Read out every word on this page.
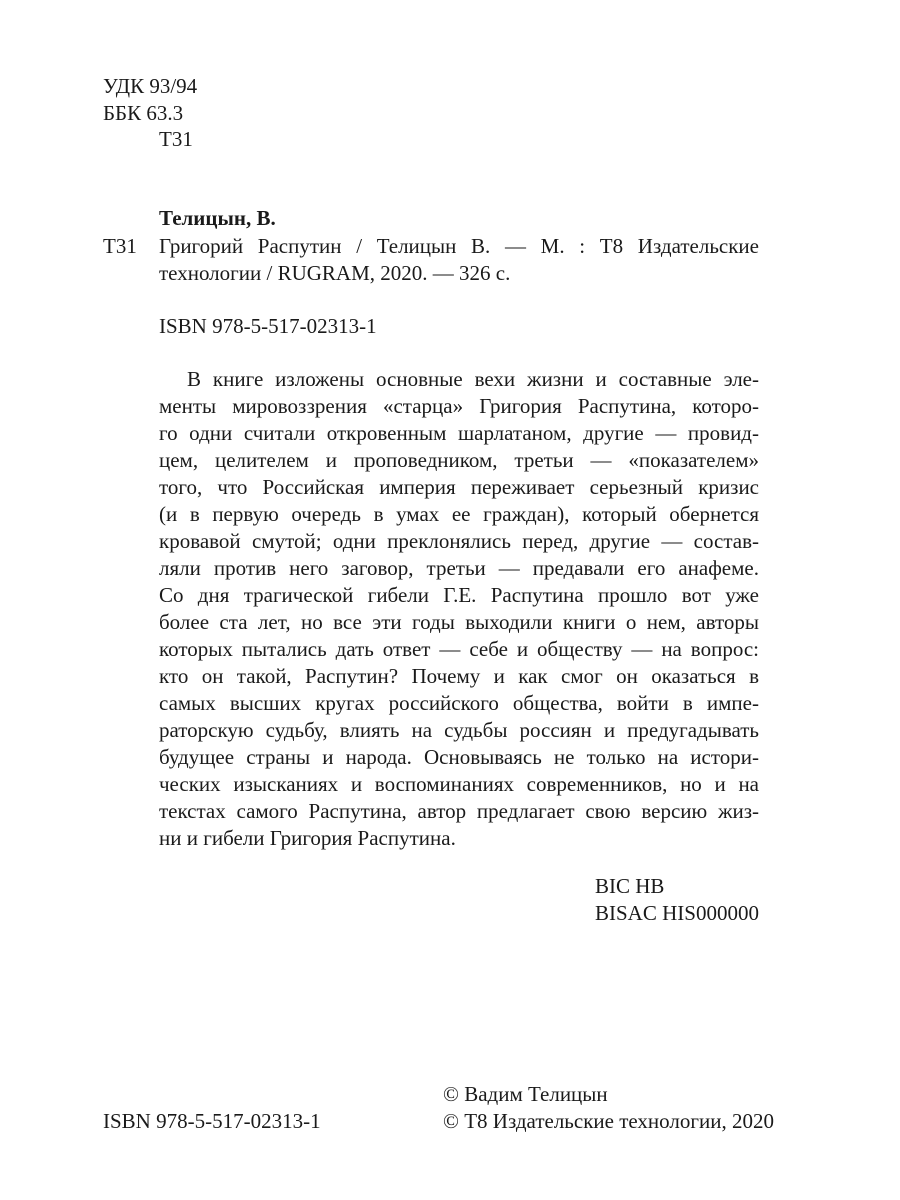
УДК 93/94
ББК 63.3
Т31
Телицын, В.
Т31 Григорий Распутин / Телицын В. — М. : Т8 Издательские
технологии / RUGRAM, 2020. — 326 с.
ISBN 978-5-517-02313-1
В книге изложены основные вехи жизни и составные эле-
менты мировоззрения «старца» Григория Распутина, которо-
го одни считали откровенным шарлатаном, другие — провид-
цем, целителем и проповедником, третьи — «показателем»
того, что Российская империя переживает серьезный кризис
(и в первую очередь в умах ее граждан), который обернется
кровавой смутой; одни преклонялись перед, другие — состав-
ляли против него заговор, третьи — предавали его анафеме.
Со дня трагической гибели Г.Е. Распутина прошло вот уже
более ста лет, но все эти годы выходили книги о нем, авторы
которых пытались дать ответ — себе и обществу — на вопрос:
кто он такой, Распутин? Почему и как смог он оказаться в
самых высших кругах российского общества, войти в импе-
раторскую судьбу, влиять на судьбы россиян и предугадывать
будущее страны и народа. Основываясь не только на истори-
ческих изысканиях и воспоминаниях современников, но и на
текстах самого Распутина, автор предлагает свою версию жиз-
ни и гибели Григория Распутина.
BIC HB
BISAC HIS000000
ISBN 978-5-517-02313-1
© Вадим Телицын
© Т8 Издательские технологии, 2020
